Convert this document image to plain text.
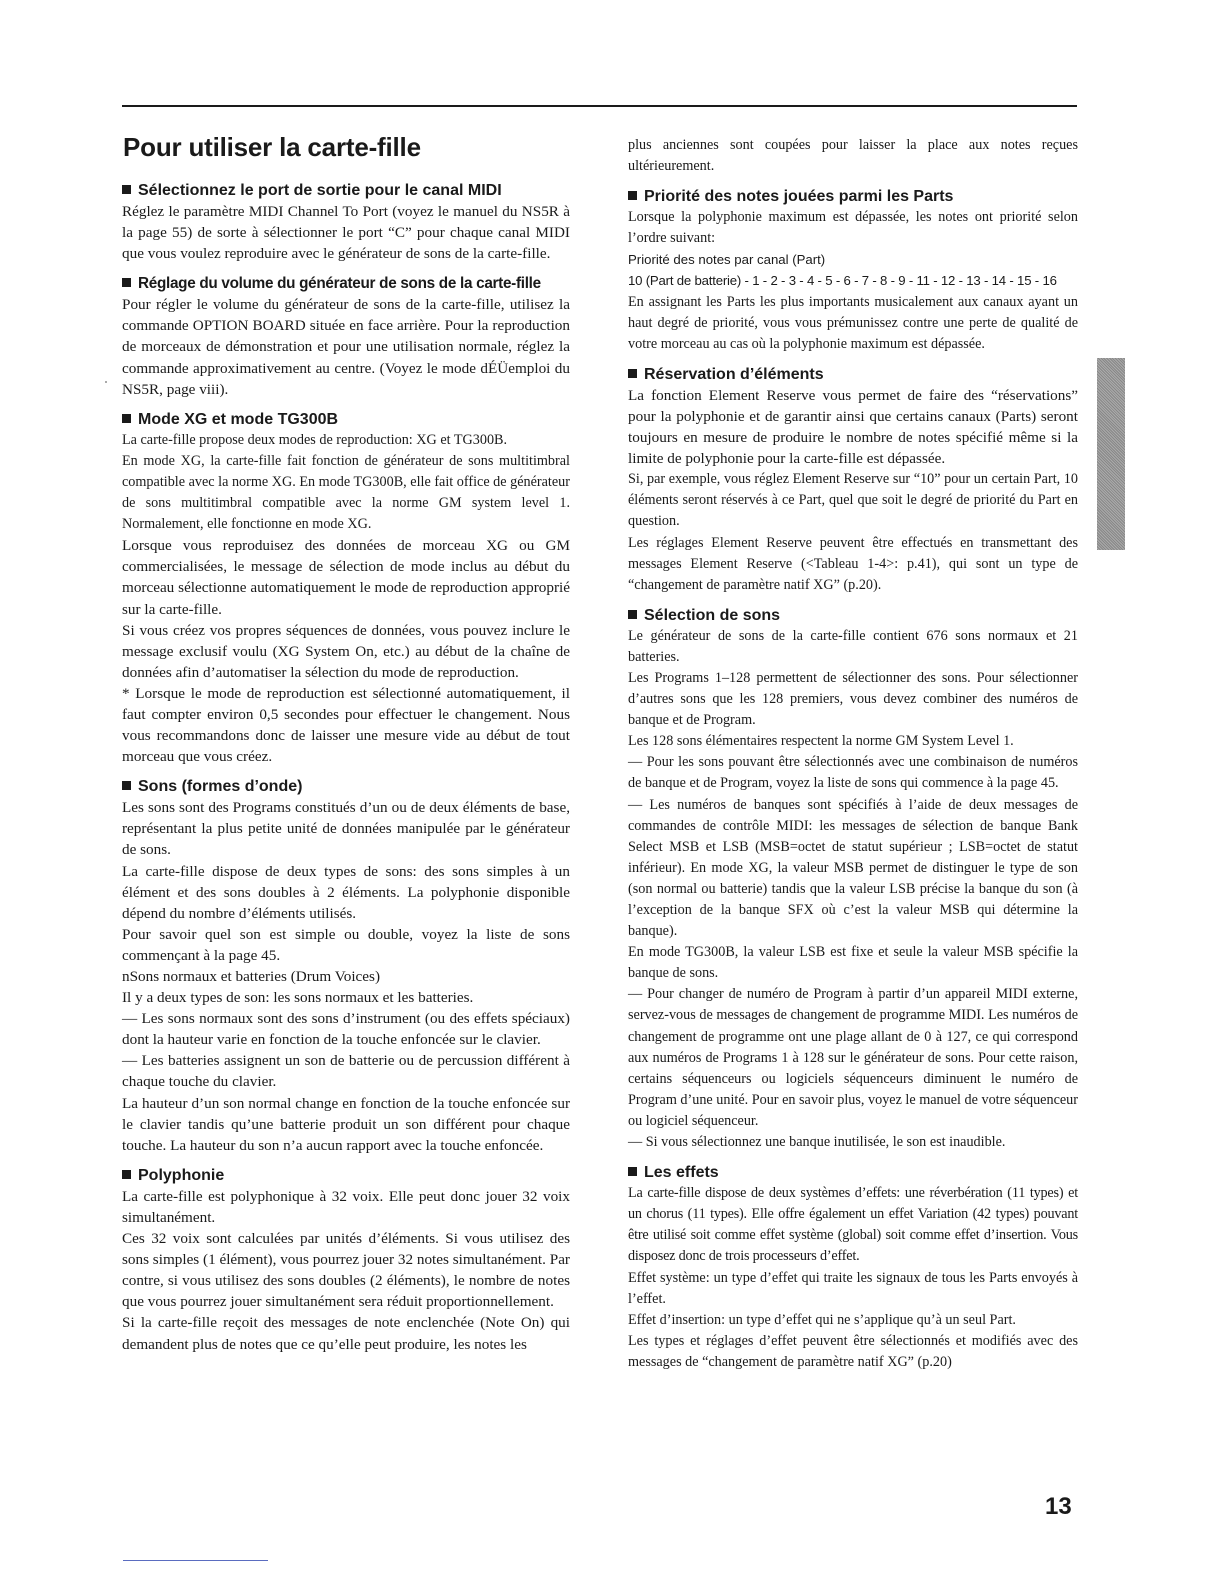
Pour utiliser la carte-fille
Sélectionnez le port de sortie pour le canal MIDI

Réglez le paramètre MIDI Channel To Port (voyez le manuel du NS5R à la page 55) de sorte à sélectionner le port “C” pour chaque canal MIDI que vous voulez reproduire avec le générateur de sons de la carte-fille.

Réglage du volume du générateur de sons de la carte-fille

Pour régler le volume du générateur de sons de la carte-fille, utilisez la commande OPTION BOARD située en face arrière. Pour la reproduction de morceaux de démonstration et pour une utilisation normale, réglez la commande approximativement au centre. (Voyez le mode dÉÜemploi du NS5R, page viii).

Mode XG et mode TG300B

La carte-fille propose deux modes de reproduction: XG et TG300B.

En mode XG, la carte-fille fait fonction de générateur de sons multitimbral compatible avec la norme XG. En mode TG300B, elle fait office de générateur de sons multitimbral compatible avec la norme GM system level 1. Normalement, elle fonctionne en mode XG.

Lorsque vous reproduisez des données de morceau XG ou GM commercialisées, le message de sélection de mode inclus au début du morceau sélectionne automatiquement le mode de reproduction approprié sur la carte-fille.

Si vous créez vos propres séquences de données, vous pouvez inclure le message exclusif voulu (XG System On, etc.) au début de la chaîne de données afin d’automatiser la sélection du mode de reproduction.

* Lorsque le mode de reproduction est sélectionné automatiquement, il faut compter environ 0,5 secondes pour effectuer le changement. Nous vous recommandons donc de laisser une mesure vide au début de tout morceau que vous créez.

Sons (formes d’onde)

Les sons sont des Programs constitués d’un ou de deux éléments de base, représentant la plus petite unité de données manipulée par le générateur de sons.

La carte-fille dispose de deux types de sons: des sons simples à un élément et des sons doubles à 2 éléments. La polyphonie disponible dépend du nombre d’éléments utilisés.

Pour savoir quel son est simple ou double, voyez la liste de sons commençant à la page 45.

nSons normaux et batteries (Drum Voices)

Il y a deux types de son: les sons normaux et les batteries.

— Les sons normaux sont des sons d’instrument (ou des effets spéciaux) dont la hauteur varie en fonction de la touche enfoncée sur le clavier.

— Les batteries assignent un son de batterie ou de percussion différent à chaque touche du clavier.

La hauteur d’un son normal change en fonction de la touche enfoncée sur le clavier tandis qu’une batterie produit un son différent pour chaque touche. La hauteur du son n’a aucun rapport avec la touche enfoncée.

Polyphonie

La carte-fille est polyphonique à 32 voix. Elle peut donc jouer 32 voix simultanément.

Ces 32 voix sont calculées par unités d’éléments. Si vous utilisez des sons simples (1 élément), vous pourrez jouer 32 notes simultanément. Par contre, si vous utilisez des sons doubles (2 éléments), le nombre de notes que vous pourrez jouer simultanément sera réduit proportionnellement.

Si la carte-fille reçoit des messages de note enclenchée (Note On) qui demandent plus de notes que ce qu’elle peut produire, les notes les

plus anciennes sont coupées pour laisser la place aux notes reçues ultérieurement.

Priorité des notes jouées parmi les Parts

Lorsque la polyphonie maximum est dépassée, les notes ont priorité selon l’ordre suivant:

Priorité des notes par canal (Part)

10 (Part de batterie) - 1 - 2 - 3 - 4 - 5 - 6 - 7 - 8 - 9 - 11 - 12 - 13 - 14 - 15 - 16

En assignant les Parts les plus importants musicalement aux canaux ayant un haut degré de priorité, vous vous prémunissez contre une perte de qualité de votre morceau au cas où la polyphonie maximum est dépassée.

Réservation d’éléments

La fonction Element Reserve vous permet de faire des “réservations” pour la polyphonie et de garantir ainsi que certains canaux (Parts) seront toujours en mesure de produire le nombre de notes spécifié même si la limite de polyphonie pour la carte-fille est dépassée.

Si, par exemple, vous réglez Element Reserve sur “10” pour un certain Part, 10 éléments seront réservés à ce Part, quel que soit le degré de priorité du Part en question.

Les réglages Element Reserve peuvent être effectués en transmettant des messages Element Reserve (<Tableau 1-4>: p.41), qui sont un type de “changement de paramètre natif XG” (p.20).

Sélection de sons

Le générateur de sons de la carte-fille contient 676 sons normaux et 21 batteries.

Les Programs 1–128 permettent de sélectionner des sons. Pour sélectionner d’autres sons que les 128 premiers, vous devez combiner des numéros de banque et de Program.

Les 128 sons élémentaires respectent la norme GM System Level 1.

— Pour les sons pouvant être sélectionnés avec une combinaison de numéros de banque et de Program, voyez la liste de sons qui commence à la page 45.

— Les numéros de banques sont spécifiés à l’aide de deux messages de commandes de contrôle MIDI: les messages de sélection de banque Bank Select MSB et LSB (MSB=octet de statut supérieur ; LSB=octet de statut inférieur). En mode XG, la valeur MSB permet de distinguer le type de son (son normal ou batterie) tandis que la valeur LSB précise la banque du son (à l’exception de la banque SFX où c’est la valeur MSB qui détermine la banque).

En mode TG300B, la valeur LSB est fixe et seule la valeur MSB spécifie la banque de sons.

— Pour changer de numéro de Program à partir d’un appareil MIDI externe, servez-vous de messages de changement de programme MIDI. Les numéros de changement de programme ont une plage allant de 0 à 127, ce qui correspond aux numéros de Programs 1 à 128 sur le générateur de sons. Pour cette raison, certains séquenceurs ou logiciels séquenceurs diminuent le numéro de Program d’une unité. Pour en savoir plus, voyez le manuel de votre séquenceur ou logiciel séquenceur.

— Si vous sélectionnez une banque inutilisée, le son est inaudible.

Les effets

La carte-fille dispose de deux systèmes d’effets: une réverbération (11 types) et un chorus (11 types). Elle offre également un effet Variation (42 types) pouvant être utilisé soit comme effet système (global) soit comme effet d’insertion. Vous disposez donc de trois processeurs d’effet.

Effet système: un type d’effet qui traite les signaux de tous les Parts envoyés à l’effet.

Effet d’insertion: un type d’effet qui ne s’applique qu’à un seul Part.

Les types et réglages d’effet peuvent être sélectionnés et modifiés avec des messages de “changement de paramètre natif XG” (p.20)

13
